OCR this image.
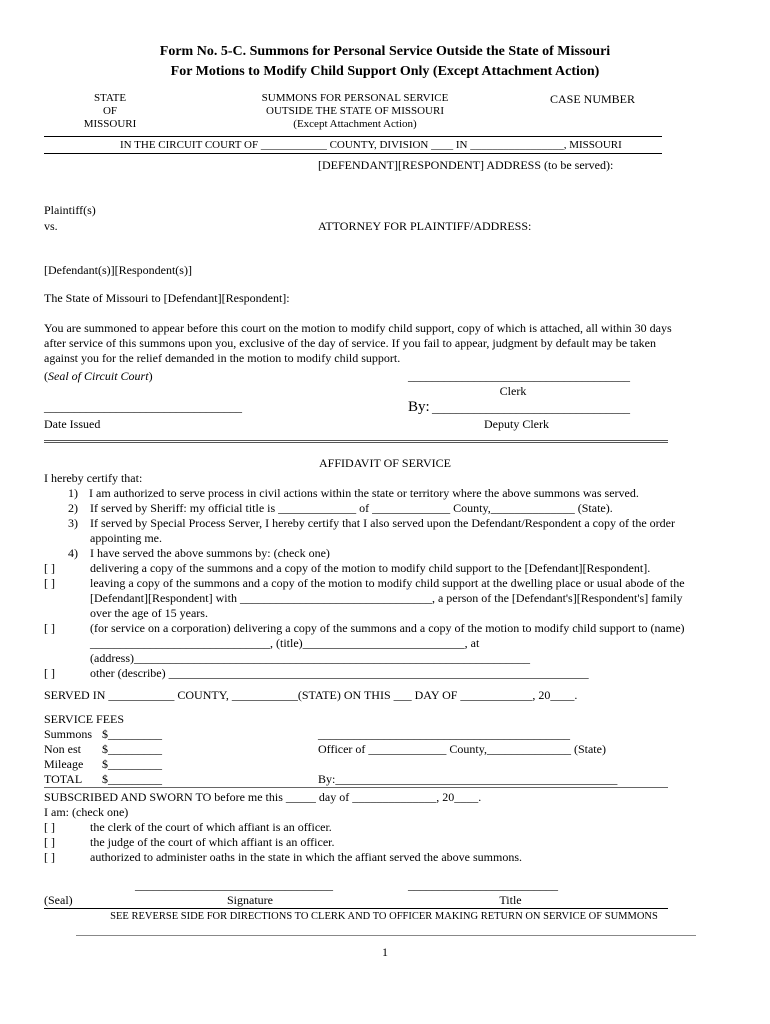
Form No. 5-C. Summons for Personal Service Outside the State of Missouri
For Motions to Modify Child Support Only (Except Attachment Action)
STATE
OF
MISSOURI
SUMMONS FOR PERSONAL SERVICE
OUTSIDE THE STATE OF MISSOURI
(Except Attachment Action)
CASE NUMBER
IN THE CIRCUIT COURT OF ____________ COUNTY, DIVISION ____ IN _________________, MISSOURI
[DEFENDANT][RESPONDENT] ADDRESS (to be served):
Plaintiff(s)
vs.	ATTORNEY FOR PLAINTIFF/ADDRESS:
[Defendant(s)][Respondent(s)]
The State of Missouri to [Defendant][Respondent]:
You are summoned to appear before this court on the motion to modify child support, copy of which is attached, all within 30 days
after service of this summons upon you, exclusive of the day of service. If you fail to appear, judgment by default may be taken
against you for the relief demanded in the motion to modify child support.
(Seal of Circuit Court)	_____________________________________
Clerk
_________________________________	By: _________________________________
Date Issued	Deputy Clerk
AFFIDAVIT OF SERVICE
I hereby certify that:
1) I am authorized to serve process in civil actions within the state or territory where the above summons was served.
2) If served by Sheriff: my official title is _____________ of _____________ County,______________ (State).
3) If served by Special Process Server, I hereby certify that I also served upon the Defendant/Respondent a copy of the order
appointing me.
4) I have served the above summons by: (check one)
[ ]	delivering a copy of the summons and a copy of the motion to modify child support to the [Defendant][Respondent].
[ ]	leaving a copy of the summons and a copy of the motion to modify child support at the dwelling place or usual abode of the
[Defendant][Respondent] with ________________________________, a person of the [Defendant's][Respondent's] family
over the age of 15 years.
[ ]	(for service on a corporation) delivering a copy of the summons and a copy of the motion to modify child support to (name)
______________________________, (title)___________________________, at
(address)__________________________________________________________________
[ ]	other (describe) ______________________________________________________________________
SERVED IN ___________ COUNTY, ___________(STATE) ON THIS ___ DAY OF ____________, 20____.
SERVICE FEES
Summons $_________
Non est $_________
Mileage $_________
TOTAL $_________
__________________________________________
Officer of _____________ County,______________ (State)
By:_______________________________________________
SUBSCRIBED AND SWORN TO before me this _____ day of ______________, 20____.
I am: (check one)
[ ]	the clerk of the court of which affiant is an officer.
[ ]	the judge of the court of which affiant is an officer.
[ ]	authorized to administer oaths in the state in which the affiant served the above summons.
_________________________________	_________________________
(Seal)	Signature	Title
SEE REVERSE SIDE FOR DIRECTIONS TO CLERK AND TO OFFICER MAKING RETURN ON SERVICE OF SUMMONS
1
